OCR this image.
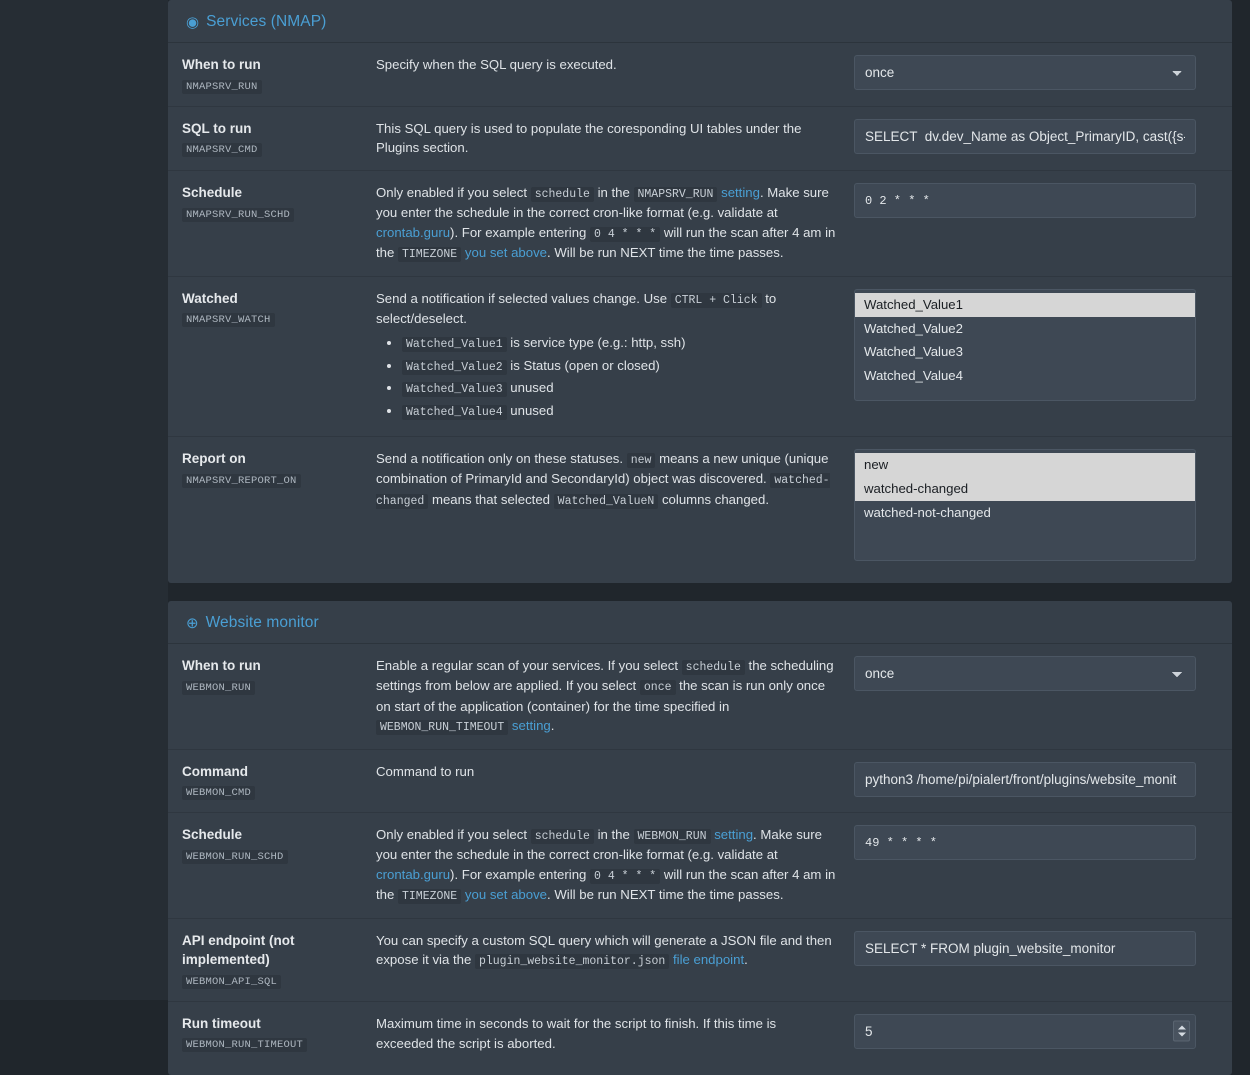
◉ Services (NMAP)
When to run
NMAPSRV_RUN
Specify when the SQL query is executed.
once
SQL to run
NMAPSRV_CMD
This SQL query is used to populate the coresponding UI tables under the Plugins section.
SELECT dv.dev_Name as Object_PrimaryID, cast({s-quo
Schedule
NMAPSRV_RUN_SCHD
Only enabled if you select schedule in the NMAPSRV_RUN setting. Make sure you enter the schedule in the correct cron-like format (e.g. validate at crontab.guru). For example entering 0 4 * * * will run the scan after 4 am in the TIMEZONE you set above. Will be run NEXT time the time passes.
0 2 * * *
Watched
NMAPSRV_WATCH
Send a notification if selected values change. Use CTRL + Click to select/deselect.
• Watched_Value1 is service type (e.g.: http, ssh)
• Watched_Value2 is Status (open or closed)
• Watched_Value3 unused
• Watched_Value4 unused
Watched_Value1
Watched_Value2
Watched_Value3
Watched_Value4
Report on
NMAPSRV_REPORT_ON
Send a notification only on these statuses. new means a new unique (unique combination of PrimaryId and SecondaryId) object was discovered. watched-changed means that selected Watched_ValueN columns changed.
new
watched-changed
watched-not-changed
⊕ Website monitor
When to run
WEBMON_RUN
Enable a regular scan of your services. If you select schedule the scheduling settings from below are applied. If you select once the scan is run only once on start of the application (container) for the time specified in WEBMON_RUN_TIMEOUT setting.
once
Command
WEBMON_CMD
Command to run
python3 /home/pi/pialert/front/plugins/website_monit
Schedule
WEBMON_RUN_SCHD
Only enabled if you select schedule in the WEBMON_RUN setting. Make sure you enter the schedule in the correct cron-like format (e.g. validate at crontab.guru). For example entering 0 4 * * * will run the scan after 4 am in the TIMEZONE you set above. Will be run NEXT time the time passes.
49 * * * *
API endpoint (not implemented)
WEBMON_API_SQL
You can specify a custom SQL query which will generate a JSON file and then expose it via the plugin_website_monitor.json file endpoint.
SELECT * FROM plugin_website_monitor
Run timeout
WEBMON_RUN_TIMEOUT
Maximum time in seconds to wait for the script to finish. If this time is exceeded the script is aborted.
5
